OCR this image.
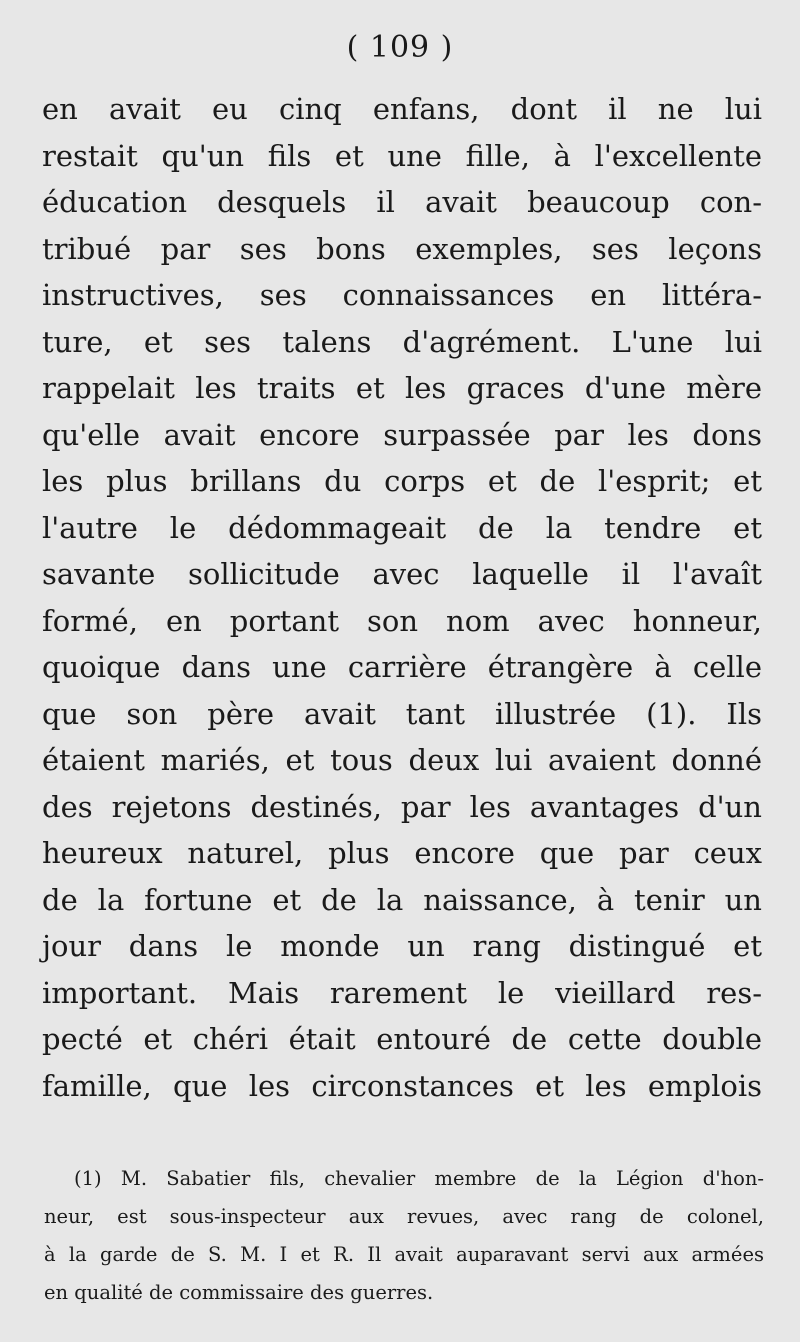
( 109 )
en avait eu cinq enfans, dont il ne lui
restait qu'un fils et une fille, à l'excellente
éducation desquels il avait beaucoup con-
tribué par ses bons exemples, ses leçons
instructives, ses connaissances en littéra-
ture, et ses talens d'agrément. L'une lui
rappelait les traits et les graces d'une mère
qu'elle avait encore surpassée par les dons
les plus brillans du corps et de l'esprit; et
l'autre le dédommageait de la tendre et
savante sollicitude avec laquelle il l'avaît
formé, en portant son nom avec honneur,
quoique dans une carrière étrangère à celle
que son père avait tant illustrée (1). Ils
étaient mariés, et tous deux lui avaient donné
des rejetons destinés, par les avantages d'un
heureux naturel, plus encore que par ceux
de la fortune et de la naissance, à tenir un
jour dans le monde un rang distingué et
important. Mais rarement le vieillard res-
pecté et chéri était entouré de cette double
famille, que les circonstances et les emplois
(1) M. Sabatier fils, chevalier membre de la Légion d'hon-
neur, est sous-inspecteur aux revues, avec rang de colonel,
à la garde de S. M. I et R. Il avait auparavant servi aux armées
en qualité de commissaire des guerres.
